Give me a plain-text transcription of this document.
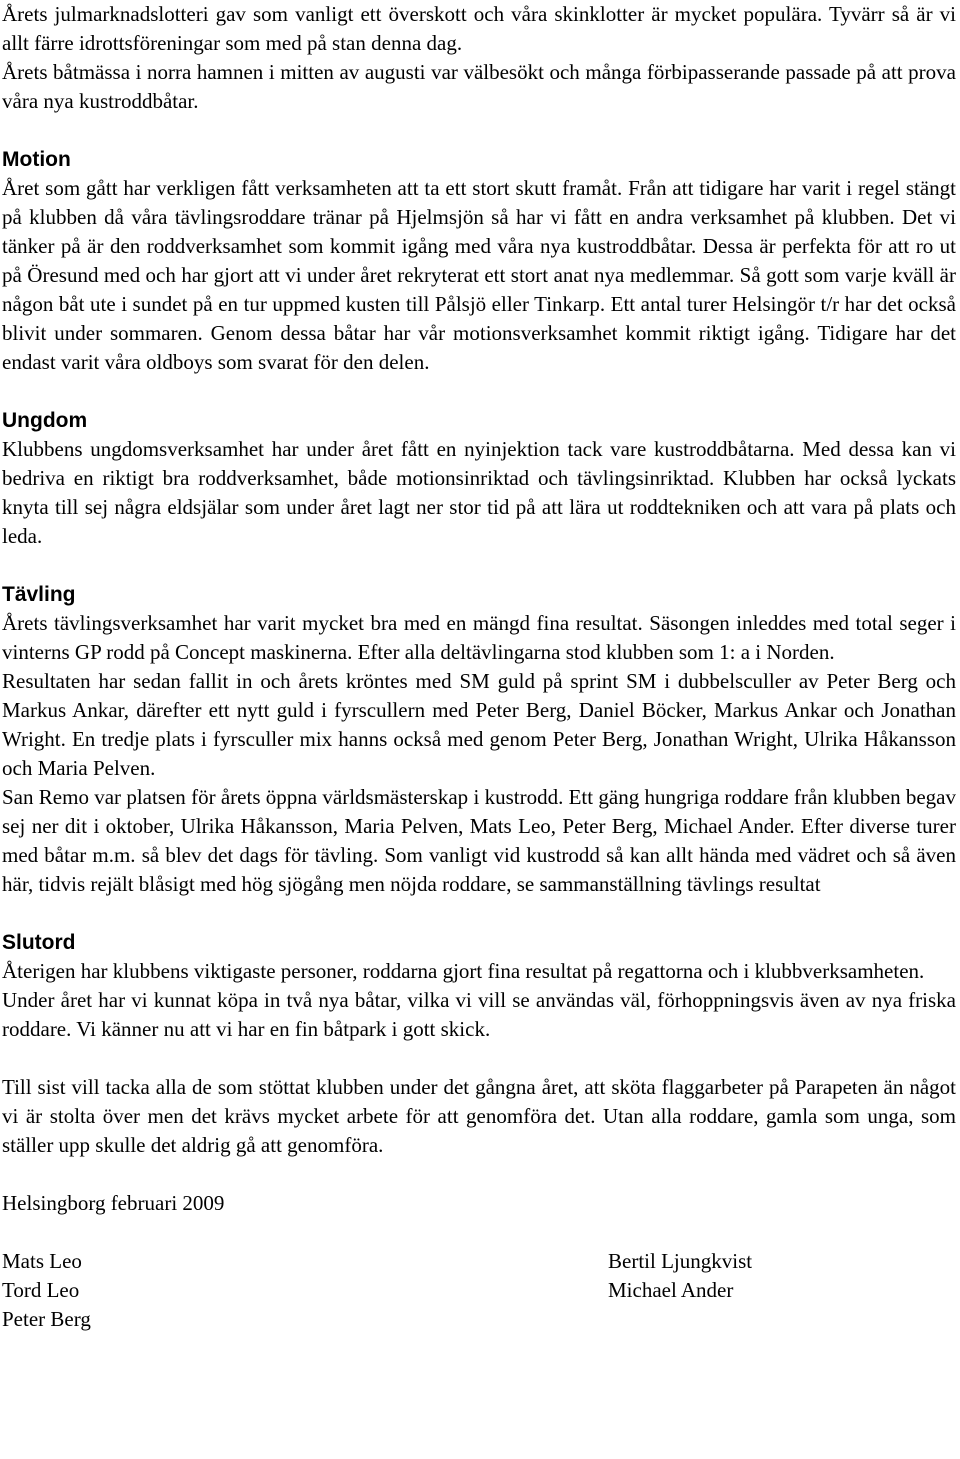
Årets julmarknadslotteri gav som vanligt ett överskott och våra skinklotter är mycket populära. Tyvärr så är vi allt färre idrottsföreningar som med på stan denna dag.

Årets båtmässa i norra hamnen i mitten av augusti var välbesökt och många förbipasserande passade på att prova våra nya kustroddbåtar.

Motion

Året som gått har verkligen fått verksamheten att ta ett stort skutt framåt. Från att tidigare har varit i regel stängt på klubben då våra tävlingsroddare tränar på Hjelmsjön så har vi fått en andra verksamhet på klubben. Det vi tänker på är den roddverksamhet som kommit igång med våra nya kustroddbåtar. Dessa är perfekta för att ro ut på Öresund med och har gjort att vi under året rekryterat ett stort anat nya medlemmar. Så gott som varje kväll är någon båt ute i sundet på en tur uppmed kusten till Pålsjö eller Tinkarp. Ett antal turer Helsingör t/r har det också blivit under sommaren. Genom dessa båtar har vår motionsverksamhet kommit riktigt igång. Tidigare har det endast varit våra oldboys som svarat för den delen.

Ungdom

Klubbens ungdomsverksamhet har under året fått en nyinjektion tack vare kustroddbåtarna. Med dessa kan vi bedriva en riktigt bra roddverksamhet, både motionsinriktad och tävlingsinriktad. Klubben har också lyckats knyta till sej några eldsjälar som under året lagt ner stor tid på att lära ut roddtekniken och att vara på plats och leda.

Tävling

Årets tävlingsverksamhet har varit mycket bra med en mängd fina resultat. Säsongen inleddes med total seger i vinterns GP rodd på Concept maskinerna. Efter alla deltävlingarna stod klubben som 1: a i Norden.

Resultaten har sedan fallit in och årets kröntes med SM guld på sprint SM i dubbelsculler av Peter Berg och Markus Ankar, därefter ett nytt guld i fyrscullern med Peter Berg, Daniel Böcker, Markus Ankar och Jonathan Wright. En tredje plats i fyrsculler mix hanns också med genom Peter Berg, Jonathan Wright, Ulrika Håkansson och Maria Pelven.

San Remo var platsen för årets öppna världsmästerskap i kustrodd. Ett gäng hungriga roddare från klubben begav sej ner dit i oktober, Ulrika Håkansson, Maria Pelven, Mats Leo, Peter Berg, Michael Ander. Efter diverse turer med båtar m.m. så blev det dags för tävling. Som vanligt vid kustrodd så kan allt hända med vädret och så även här, tidvis rejält blåsigt med hög sjögång men nöjda roddare, se sammanställning tävlings resultat

Slutord

Återigen har klubbens viktigaste personer, roddarna gjort fina resultat på regattorna och i klubbverksamheten.

Under året har vi kunnat köpa in två nya båtar, vilka vi vill se användas väl, förhoppningsvis även av nya friska roddare. Vi känner nu att vi har en fin båtpark i gott skick.

Till sist vill tacka alla de som stöttat klubben under det gångna året, att sköta flaggarbeter på Parapeten än något vi är stolta över men det krävs mycket arbete för att genomföra det. Utan alla roddare, gamla som unga, som ställer upp skulle det aldrig gå att genomföra.

Helsingborg februari 2009

Mats Leo
Tord Leo
Peter Berg
Bertil Ljungkvist
Michael Ander
